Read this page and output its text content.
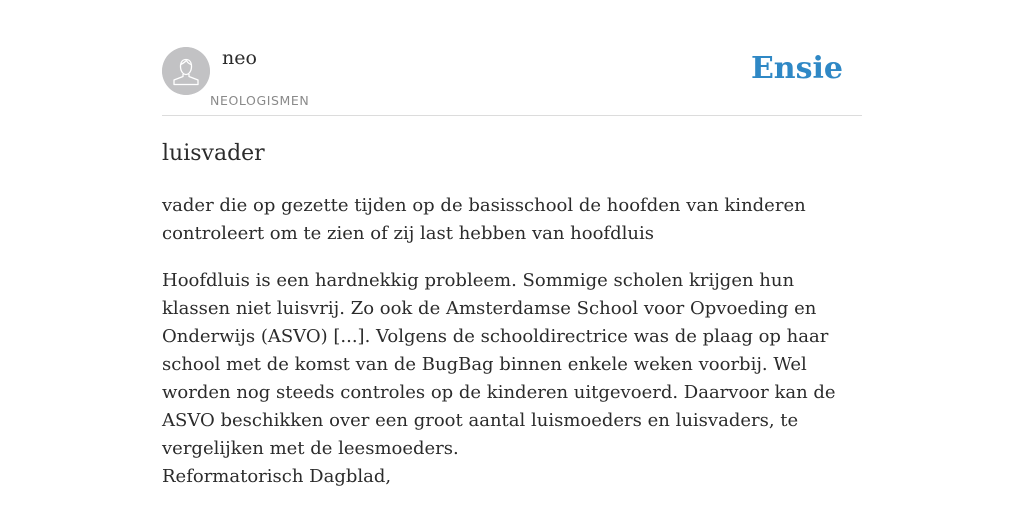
neo
NEOLOGISMEN
Ensie
luisvader

vader die op gezette tijden op de basisschool de hoofden van kinderen controleert om te zien of zij last hebben van hoofdluis

Hoofdluis is een hardnekkig probleem. Sommige scholen krijgen hun klassen niet luisvrij. Zo ook de Amsterdamse School voor Opvoeding en Onderwijs (ASVO) [...]. Volgens de schooldirectrice was de plaag op haar school met de komst van de BugBag binnen enkele weken voorbij. Wel worden nog steeds controles op de kinderen uitgevoerd. Daarvoor kan de ASVO beschikken over een groot aantal luismoeders en luisvaders, te vergelijken met de leesmoeders.
Reformatorisch Dagblad,
